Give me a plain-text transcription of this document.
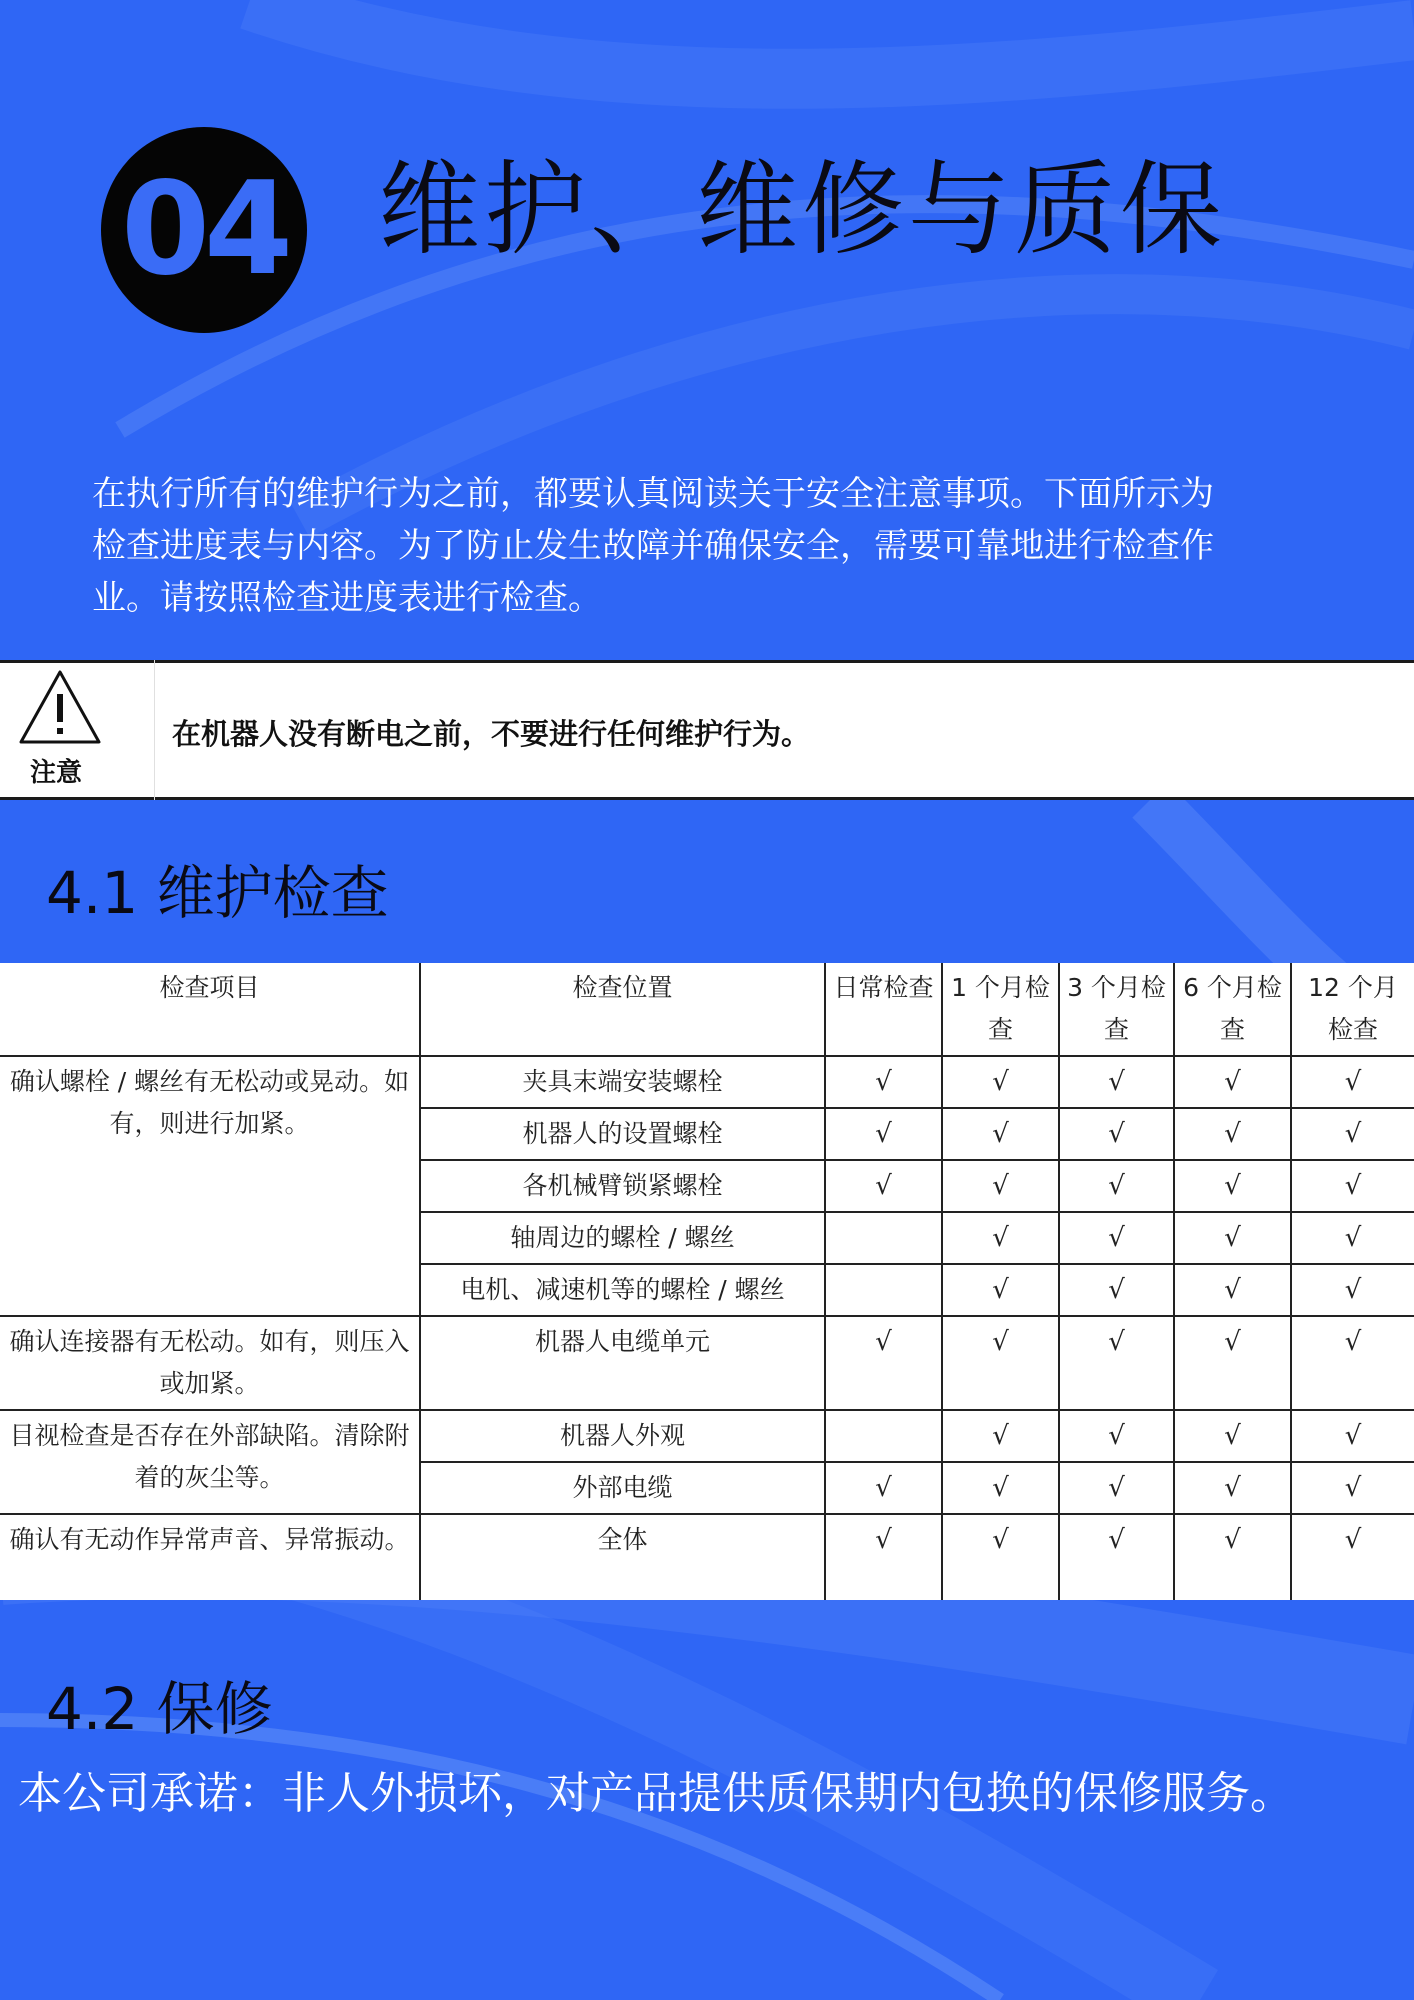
04 维护、维修与质保
在执行所有的维护行为之前，都要认真阅读关于安全注意事项。下面所示为检查进度表与内容。为了防止发生故障并确保安全，需要可靠地进行检查作业。请按照检查进度表进行检查。
注意
在机器人没有断电之前，不要进行任何维护行为。
4.1 维护检查
检查项目	检查位置	日常检查	1 个月检查	3 个月检查	6 个月检查	12 个月检查
确认螺栓 / 螺丝有无松动或晃动。如有，则进行加紧。	夹具末端安装螺栓	√	√	√	√	√
	机器人的设置螺栓	√	√	√	√	√
	各机械臂锁紧螺栓	√	√	√	√	√
	轴周边的螺栓 / 螺丝		√	√	√	√
	电机、减速机等的螺栓 / 螺丝		√	√	√	√
确认连接器有无松动。如有，则压入或加紧。	机器人电缆单元	√	√	√	√	√
目视检查是否存在外部缺陷。清除附着的灰尘等。	机器人外观		√	√	√	√
	外部电缆	√	√	√	√	√
确认有无动作异常声音、异常振动。	全体	√	√	√	√	√
4.2 保修
本公司承诺：非人外损坏，对产品提供质保期内包换的保修服务。
